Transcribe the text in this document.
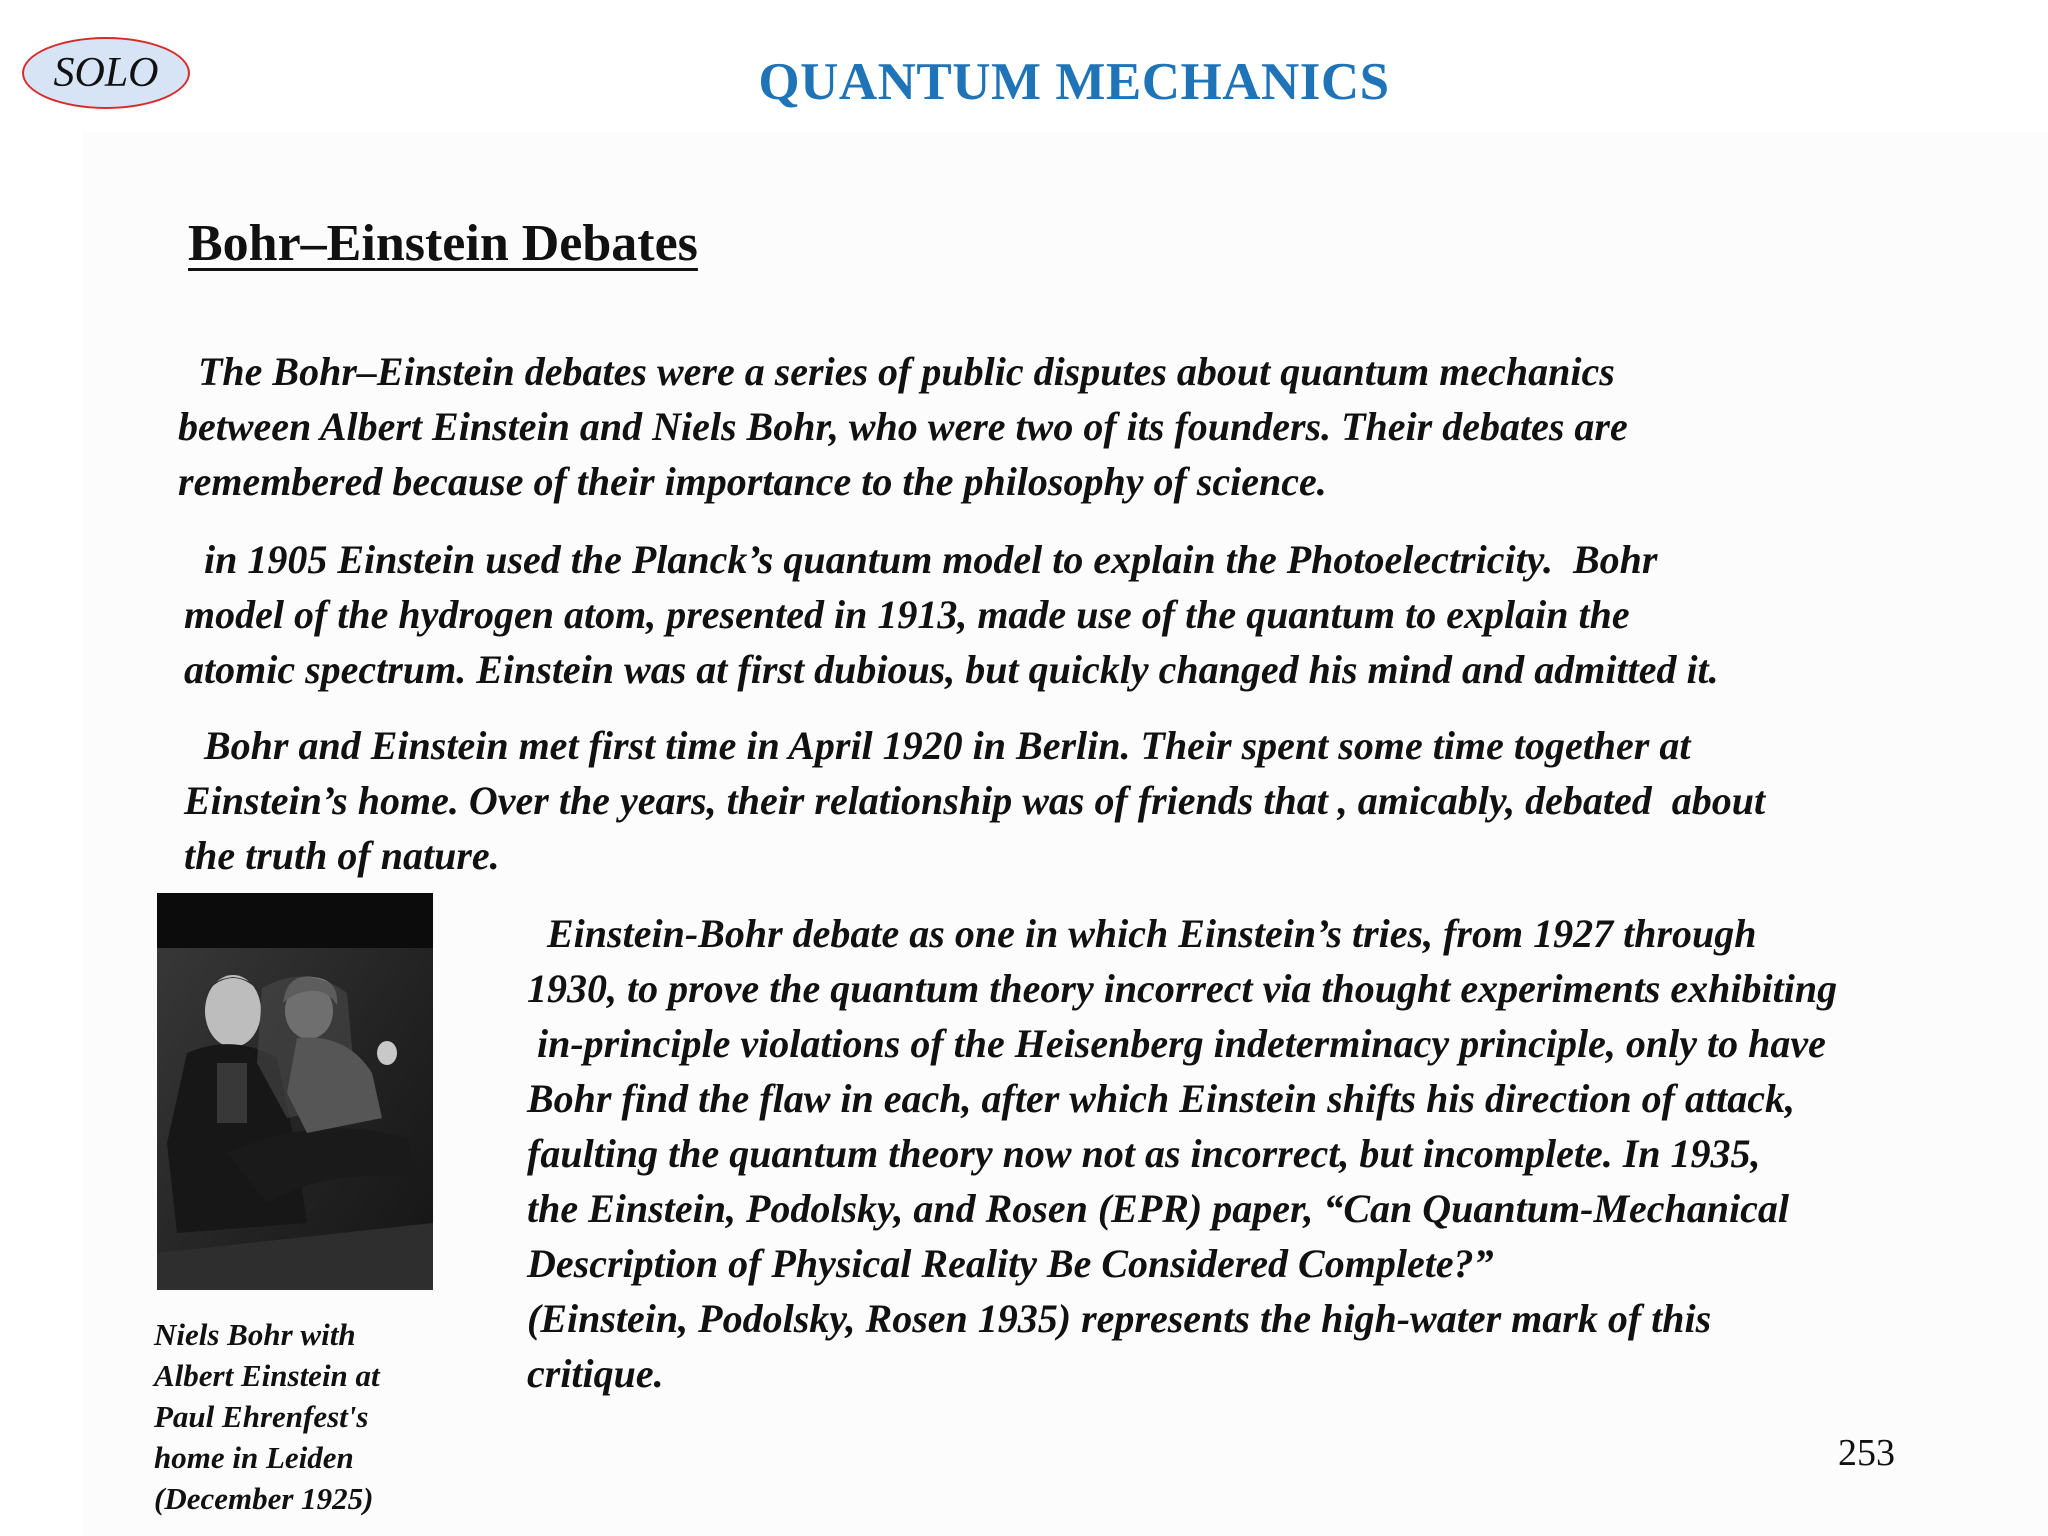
SOLO	QUANTUM MECHANICS
Bohr–Einstein Debates

The Bohr–Einstein debates were a series of public disputes about quantum mechanics
between Albert Einstein and Niels Bohr, who were two of its founders. Their debates are
remembered because of their importance to the philosophy of science.

in 1905 Einstein used the Planck’s quantum model to explain the Photoelectricity.  Bohr
model of the hydrogen atom, presented in 1913, made use of the quantum to explain the
atomic spectrum. Einstein was at first dubious, but quickly changed his mind and admitted it.

Bohr and Einstein met first time in April 1920 in Berlin. Their spent some time together at
Einstein’s home. Over the years, their relationship was of friends that , amicably, debated  about
the truth of nature.

Einstein-Bohr debate as one in which Einstein’s tries, from 1927 through
1930, to prove the quantum theory incorrect via thought experiments exhibiting
in-principle violations of the Heisenberg indeterminacy principle, only to have
Bohr find the flaw in each, after which Einstein shifts his direction of attack,
faulting the quantum theory now not as incorrect, but incomplete. In 1935,
the Einstein, Podolsky, and Rosen (EPR) paper, “Can Quantum-Mechanical
Description of Physical Reality Be Considered Complete?”
(Einstein, Podolsky, Rosen 1935) represents the high-water mark of this
critique.

Niels Bohr with
Albert Einstein at
Paul Ehrenfest's
home in Leiden
(December 1925)

253
